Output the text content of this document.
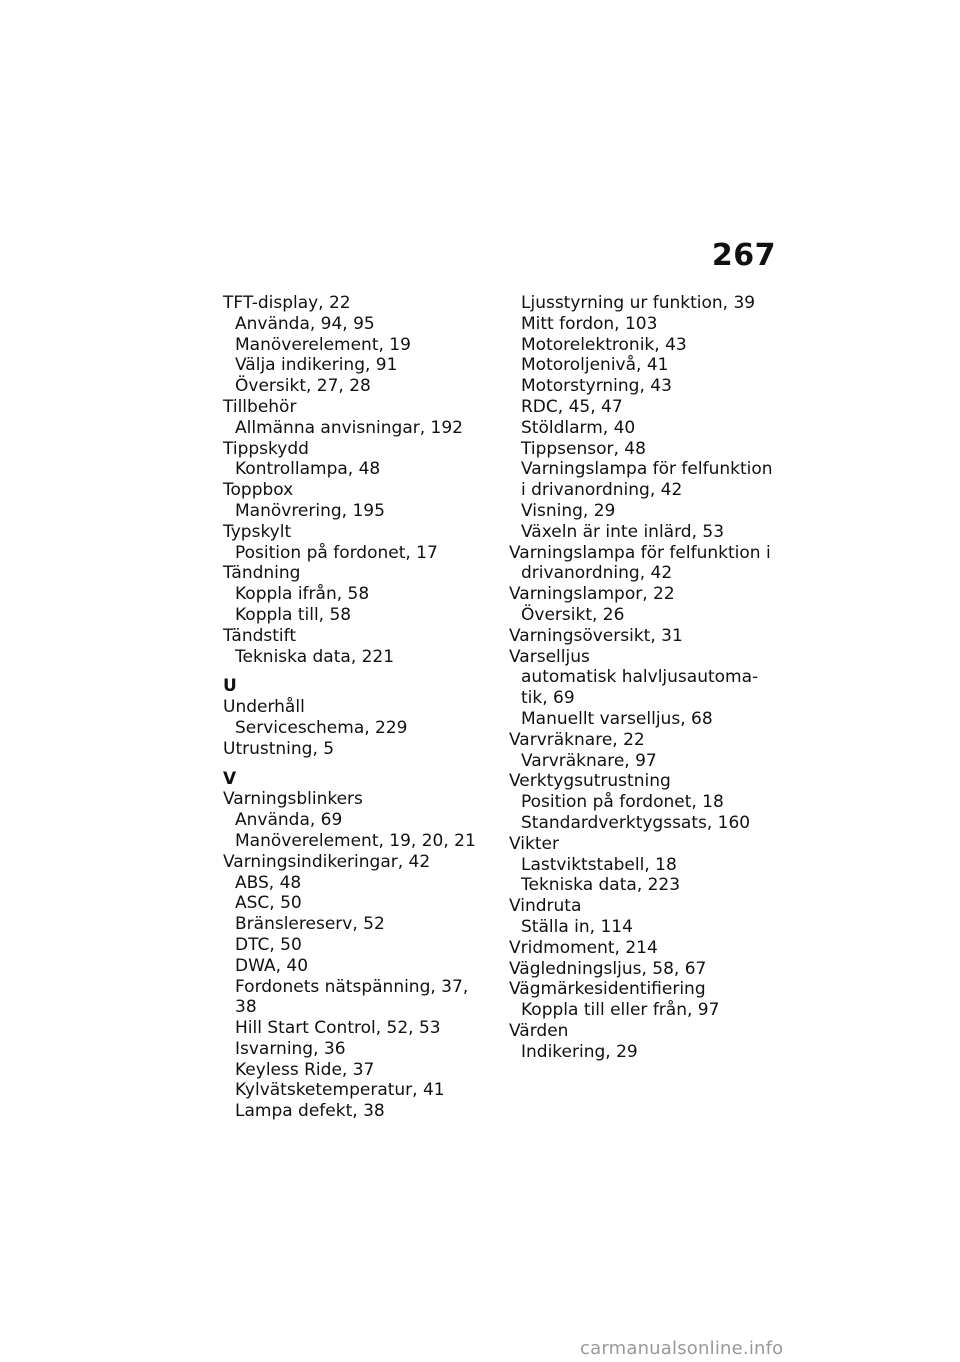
267
TFT-display, 22
Använda, 94, 95
Manöverelement, 19
Välja indikering, 91
Översikt, 27, 28
Tillbehör
Allmänna anvisningar, 192
Tippskydd
Kontrollampa, 48
Toppbox
Manövrering, 195
Typskylt
Position på fordonet, 17
Tändning
Koppla ifrån, 58
Koppla till, 58
Tändstift
Tekniska data, 221
U
Underhåll
Serviceschema, 229
Utrustning, 5
V
Varningsblinkers
Använda, 69
Manöverelement, 19, 20, 21
Varningsindikeringar, 42
ABS, 48
ASC, 50
Bränslereserv, 52
DTC, 50
DWA, 40
Fordonets nätspänning, 37,
38
Hill Start Control, 52, 53
Isvarning, 36
Keyless Ride, 37
Kylvätsketemperatur, 41
Lampa defekt, 38
Ljusstyrning ur funktion, 39
Mitt fordon, 103
Motorelektronik, 43
Motoroljenivå, 41
Motorstyrning, 43
RDC, 45, 47
Stöldlarm, 40
Tippsensor, 48
Varningslampa för felfunktion
i drivanordning, 42
Visning, 29
Växeln är inte inlärd, 53
Varningslampa för felfunktion i
drivanordning, 42
Varningslampor, 22
Översikt, 26
Varningsöversikt, 31
Varselljus
automatisk halvljusautoma-
tik, 69
Manuellt varselljus, 68
Varvräknare, 22
Varvräknare, 97
Verktygsutrustning
Position på fordonet, 18
Standardverktygssats, 160
Vikter
Lastviktstabell, 18
Tekniska data, 223
Vindruta
Ställa in, 114
Vridmoment, 214
Vägledningsljus, 58, 67
Vägmärkesidentifiering
Koppla till eller från, 97
Värden
Indikering, 29
carmanualsonline.info
